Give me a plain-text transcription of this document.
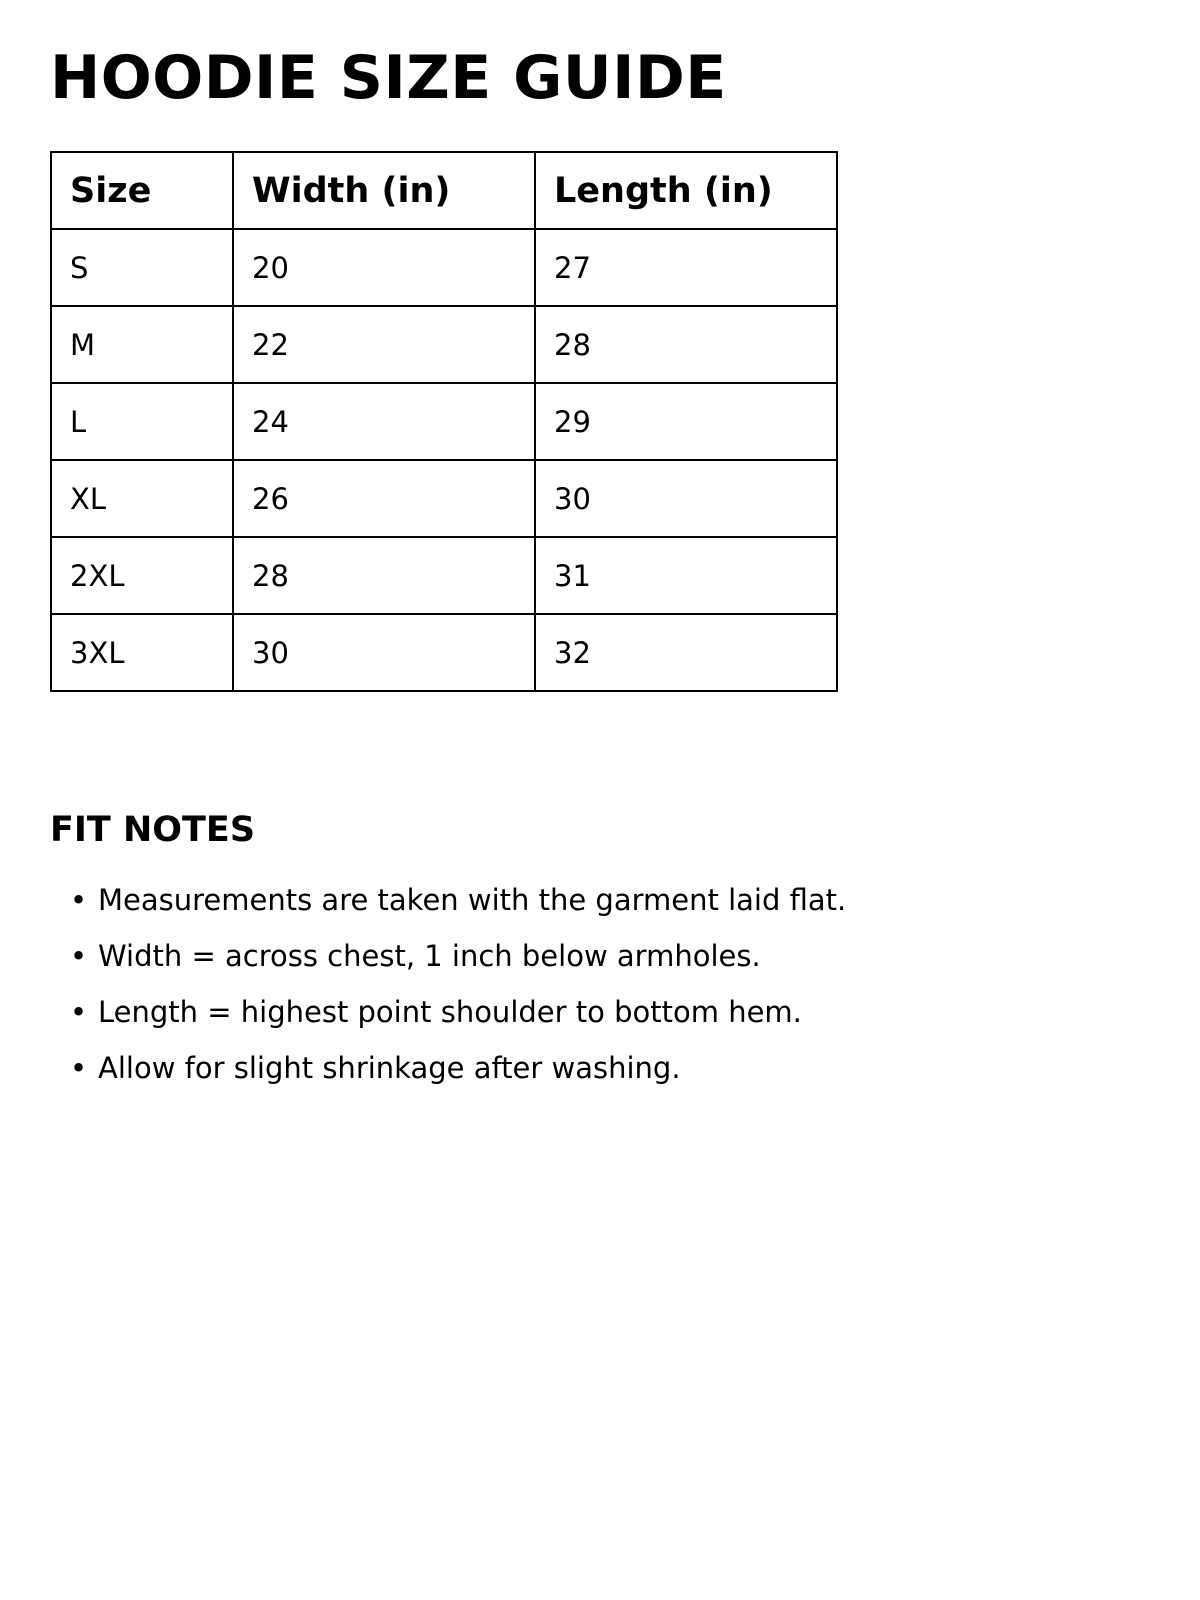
HOODIE SIZE GUIDE
Size	Width (in)	Length (in)
S	20	27
M	22	28
L	24	29
XL	26	30
2XL	28	31
3XL	30	32
FIT NOTES
• Measurements are taken with the garment laid flat.
• Width = across chest, 1 inch below armholes.
• Length = highest point shoulder to bottom hem.
• Allow for slight shrinkage after washing.
